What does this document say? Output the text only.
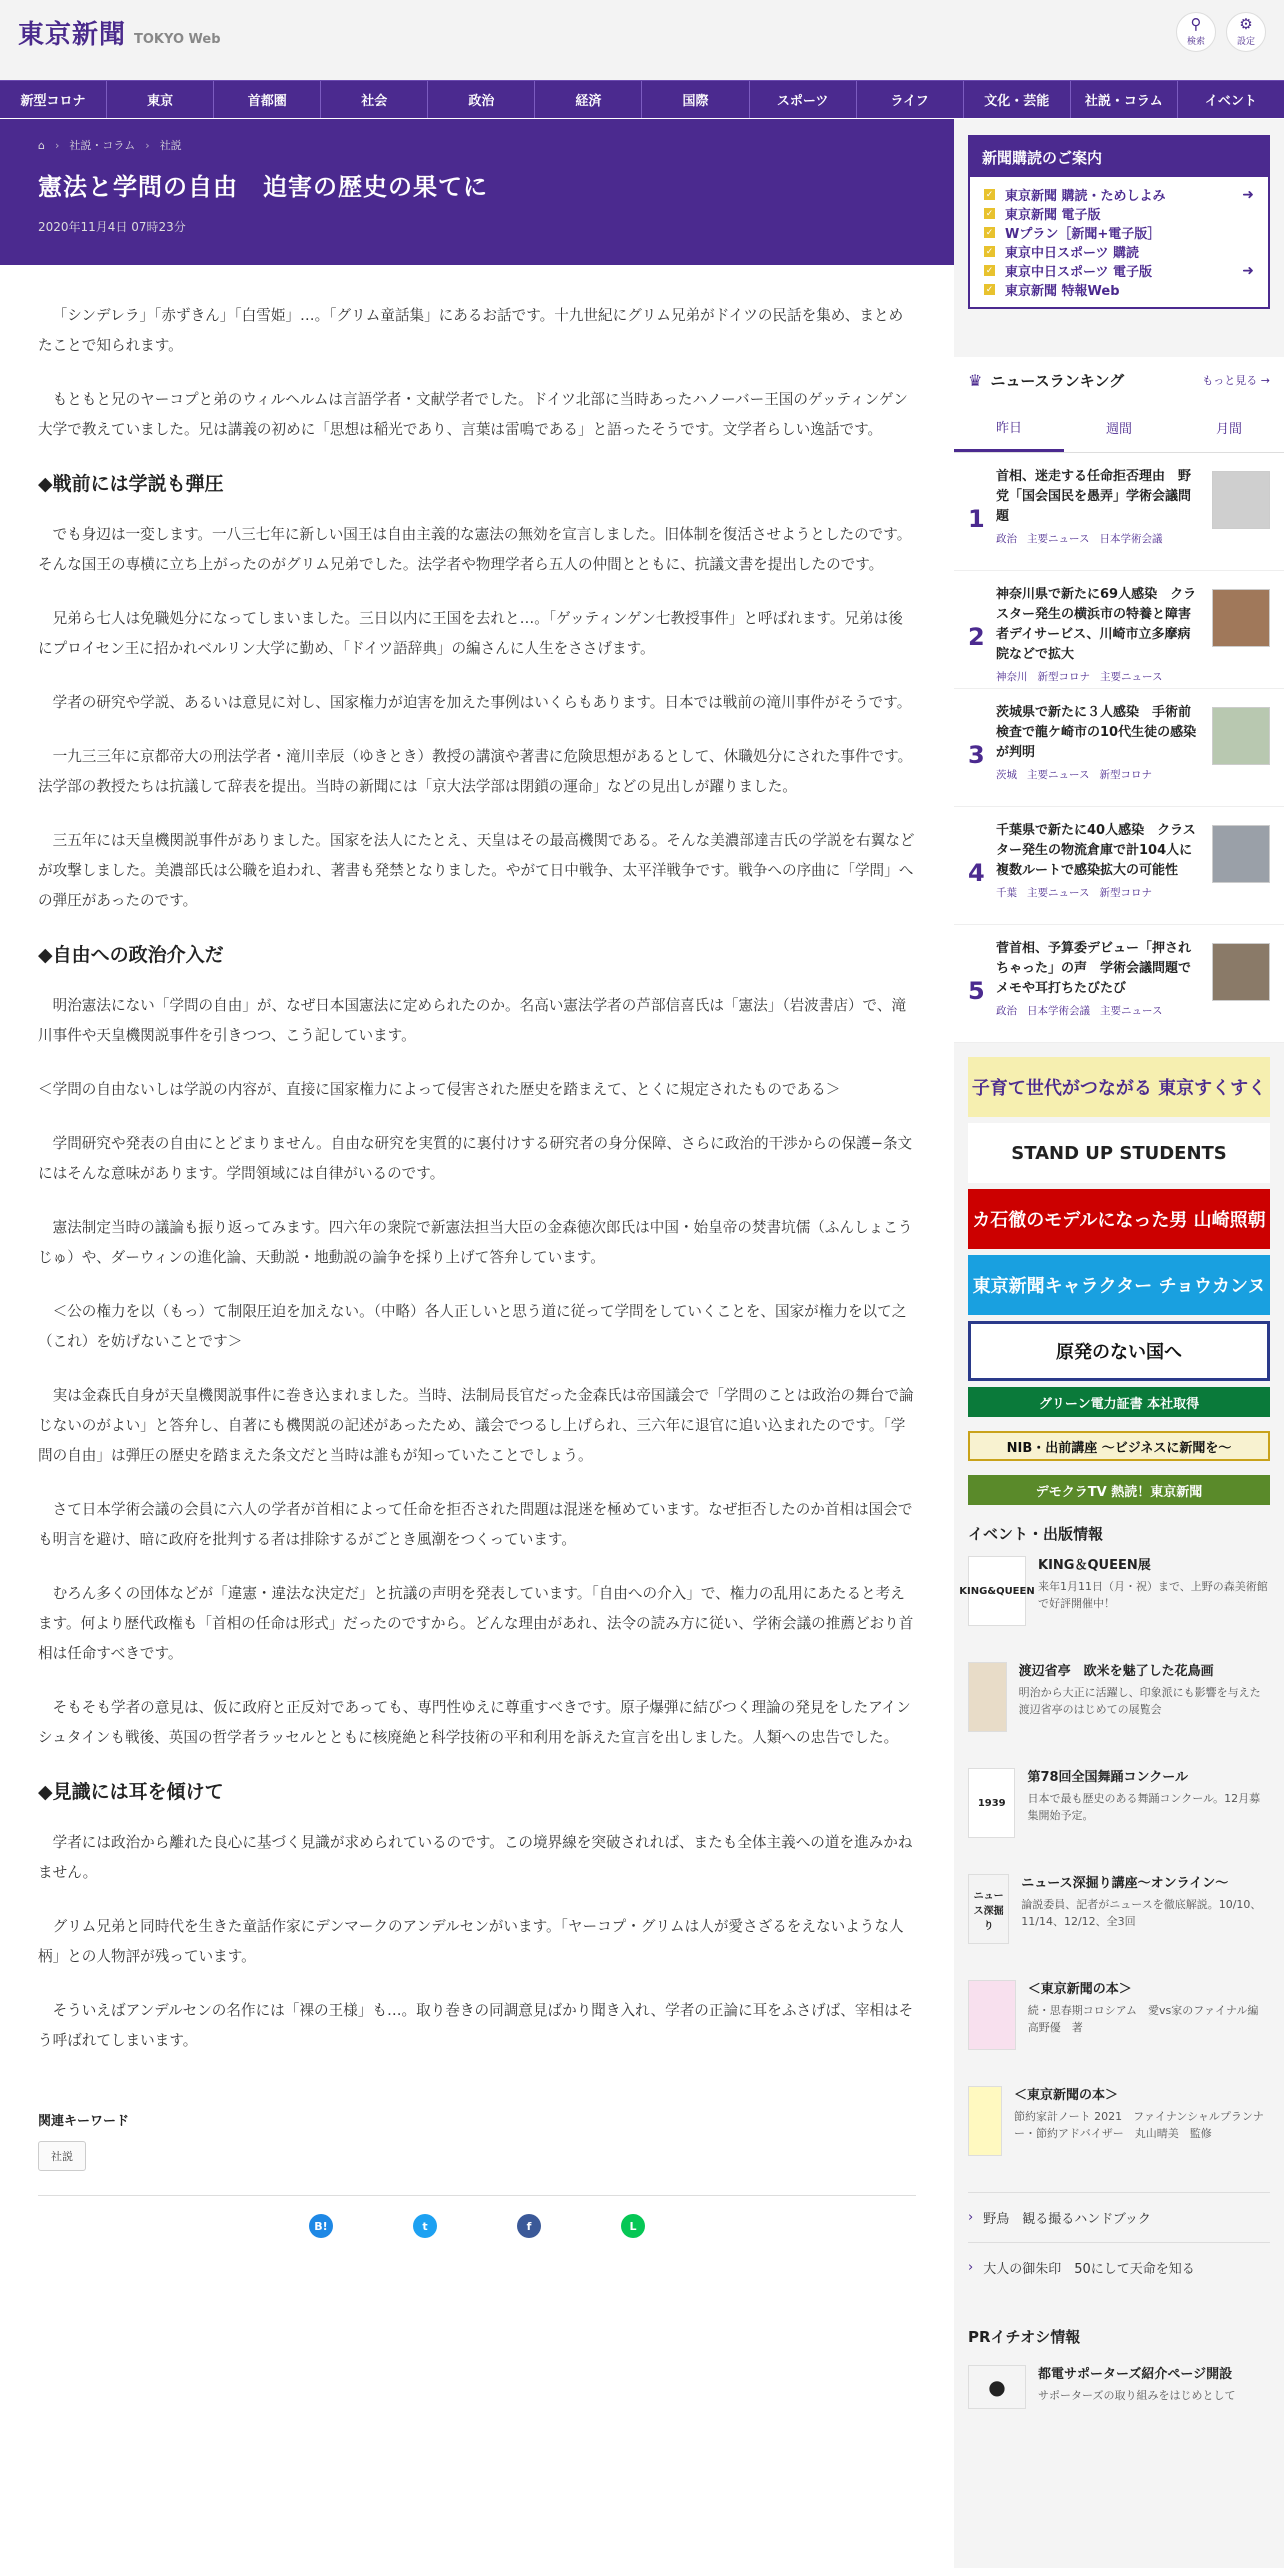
東京新聞 TOKYO Web
⚲
検索
⚙
設定
新型コロナ	東京	首都圏	社会	政治	経済	国際	スポーツ	ライフ	文化・芸能	社説・コラム	イベント
⌂ › 社説・コラム › 社説
憲法と学問の自由　迫害の歴史の果てに
2020年11月4日 07時23分

「シンデレラ」「赤ずきん」「白雪姫」…。「グリム童話集」にあるお話です。十九世紀にグリム兄弟がドイツの民話を集め、まとめたことで知られます。

もともと兄のヤーコプと弟のウィルヘルムは言語学者・文献学者でした。ドイツ北部に当時あったハノーバー王国のゲッティンゲン大学で教えていました。兄は講義の初めに「思想は稲光であり、言葉は雷鳴である」と語ったそうです。文学者らしい逸話です。

◆戦前には学説も弾圧

でも身辺は一変します。一八三七年に新しい国王は自由主義的な憲法の無効を宣言しました。旧体制を復活させようとしたのです。そんな国王の専横に立ち上がったのがグリム兄弟でした。法学者や物理学者ら五人の仲間とともに、抗議文書を提出したのです。

兄弟ら七人は免職処分になってしまいました。三日以内に王国を去れと…。「ゲッティンゲン七教授事件」と呼ばれます。兄弟は後にプロイセン王に招かれベルリン大学に勤め、「ドイツ語辞典」の編さんに人生をささげます。

学者の研究や学説、あるいは意見に対し、国家権力が迫害を加えた事例はいくらもあります。日本では戦前の滝川事件がそうです。

一九三三年に京都帝大の刑法学者・滝川幸辰（ゆきとき）教授の講演や著書に危険思想があるとして、休職処分にされた事件です。法学部の教授たちは抗議して辞表を提出。当時の新聞には「京大法学部は閉鎖の運命」などの見出しが躍りました。

三五年には天皇機関説事件がありました。国家を法人にたとえ、天皇はその最高機関である。そんな美濃部達吉氏の学説を右翼などが攻撃しました。美濃部氏は公職を追われ、著書も発禁となりました。やがて日中戦争、太平洋戦争です。戦争への序曲に「学問」への弾圧があったのです。

◆自由への政治介入だ

明治憲法にない「学問の自由」が、なぜ日本国憲法に定められたのか。名高い憲法学者の芦部信喜氏は「憲法」（岩波書店）で、滝川事件や天皇機関説事件を引きつつ、こう記しています。

＜学問の自由ないしは学説の内容が、直接に国家権力によって侵害された歴史を踏まえて、とくに規定されたものである＞

学問研究や発表の自由にとどまりません。自由な研究を実質的に裏付けする研究者の身分保障、さらに政治的干渉からの保護−条文にはそんな意味があります。学問領域には自律がいるのです。

憲法制定当時の議論も振り返ってみます。四六年の衆院で新憲法担当大臣の金森徳次郎氏は中国・始皇帝の焚書坑儒（ふんしょこうじゅ）や、ダーウィンの進化論、天動説・地動説の論争を採り上げて答弁しています。

＜公の権力を以（もっ）て制限圧迫を加えない。（中略）各人正しいと思う道に従って学問をしていくことを、国家が権力を以て之（これ）を妨げないことです＞

実は金森氏自身が天皇機関説事件に巻き込まれました。当時、法制局長官だった金森氏は帝国議会で「学問のことは政治の舞台で論じないのがよい」と答弁し、自著にも機関説の記述があったため、議会でつるし上げられ、三六年に退官に追い込まれたのです。「学問の自由」は弾圧の歴史を踏まえた条文だと当時は誰もが知っていたことでしょう。

さて日本学術会議の会員に六人の学者が首相によって任命を拒否された問題は混迷を極めています。なぜ拒否したのか首相は国会でも明言を避け、暗に政府を批判する者は排除するがごとき風潮をつくっています。

むろん多くの団体などが「違憲・違法な決定だ」と抗議の声明を発表しています。「自由への介入」で、権力の乱用にあたると考えます。何より歴代政権も「首相の任命は形式」だったのですから。どんな理由があれ、法令の読み方に従い、学術会議の推薦どおり首相は任命すべきです。

そもそも学者の意見は、仮に政府と正反対であっても、専門性ゆえに尊重すべきです。原子爆弾に結びつく理論の発見をしたアインシュタインも戦後、英国の哲学者ラッセルとともに核廃絶と科学技術の平和利用を訴えた宣言を出しました。人類への忠告でした。

◆見識には耳を傾けて

学者には政治から離れた良心に基づく見識が求められているのです。この境界線を突破されれば、またも全体主義への道を進みかねません。

グリム兄弟と同時代を生きた童話作家にデンマークのアンデルセンがいます。「ヤーコプ・グリムは人が愛さざるをえないような人柄」との人物評が残っています。

そういえばアンデルセンの名作には「裸の王様」も…。取り巻きの同調意見ばかり聞き入れ、学者の正論に耳をふさげば、宰相はそう呼ばれてしまいます。

関連キーワード
社説
B!	t	f	L
新聞購読のご案内
✓ 東京新聞 購読・ためしよみ	➜
✓ 東京新聞 電子版
✓ Wプラン［新聞+電子版］
✓ 東京中日スポーツ 購読
✓ 東京中日スポーツ 電子版	➜
✓ 東京新聞 特報Web
♛ ニュースランキング	もっと見る →
昨日	週間	月間
1
首相、迷走する任命拒否理由　野党「国会国民を愚弄」学術会議問題
政治 主要ニュース 日本学術会議
2
神奈川県で新たに69人感染　クラスター発生の横浜市の特養と障害者デイサービス、川崎市立多摩病院などで拡大
神奈川 新型コロナ 主要ニュース
3
茨城県で新たに３人感染　手術前検査で龍ケ崎市の10代生徒の感染が判明
茨城 主要ニュース 新型コロナ
4
千葉県で新たに40人感染　クラスター発生の物流倉庫で計104人に　複数ルートで感染拡大の可能性
千葉 主要ニュース 新型コロナ
5
菅首相、予算委デビュー「押されちゃった」の声　学術会議問題でメモや耳打ちたびたび
政治 日本学術会議 主要ニュース
子育て世代がつながる 東京すくすく
STAND UP STUDENTS
カ石徹のモデルになった男 山崎照朝
東京新聞キャラクター チョウカンヌ
原発のない国へ
グリーン電力証書 本社取得
NIB・出前講座 〜ビジネスに新聞を〜
デモクラTV 熱読！東京新聞
イベント・出版情報
KING&QUEEN
KING＆QUEEN展
来年1月11日（月・祝）まで、上野の森美術館で好評開催中！
渡辺省亭　欧米を魅了した花鳥画
明治から大正に活躍し、印象派にも影響を与えた渡辺省亭のはじめての展覧会
1939
第78回全国舞踊コンクール
日本で最も歴史のある舞踊コンクール。12月募集開始予定。
ニュース深掘り
ニュース深掘り講座〜オンライン〜
論説委員、記者がニュースを徹底解説。10/10、11/14、12/12、全3回
＜東京新聞の本＞
続・思春期コロシアム　愛vs家のファイナル編　高野優　著
＜東京新聞の本＞
節約家計ノート 2021　ファイナンシャルプランナー・節約アドバイザー　丸山晴美　監修
› 野鳥　観る撮るハンドブック
› 大人の御朱印　50にして天命を知る
PRイチオシ情報
●
都電サポーターズ紹介ページ開設
サポーターズの取り組みをはじめとして
